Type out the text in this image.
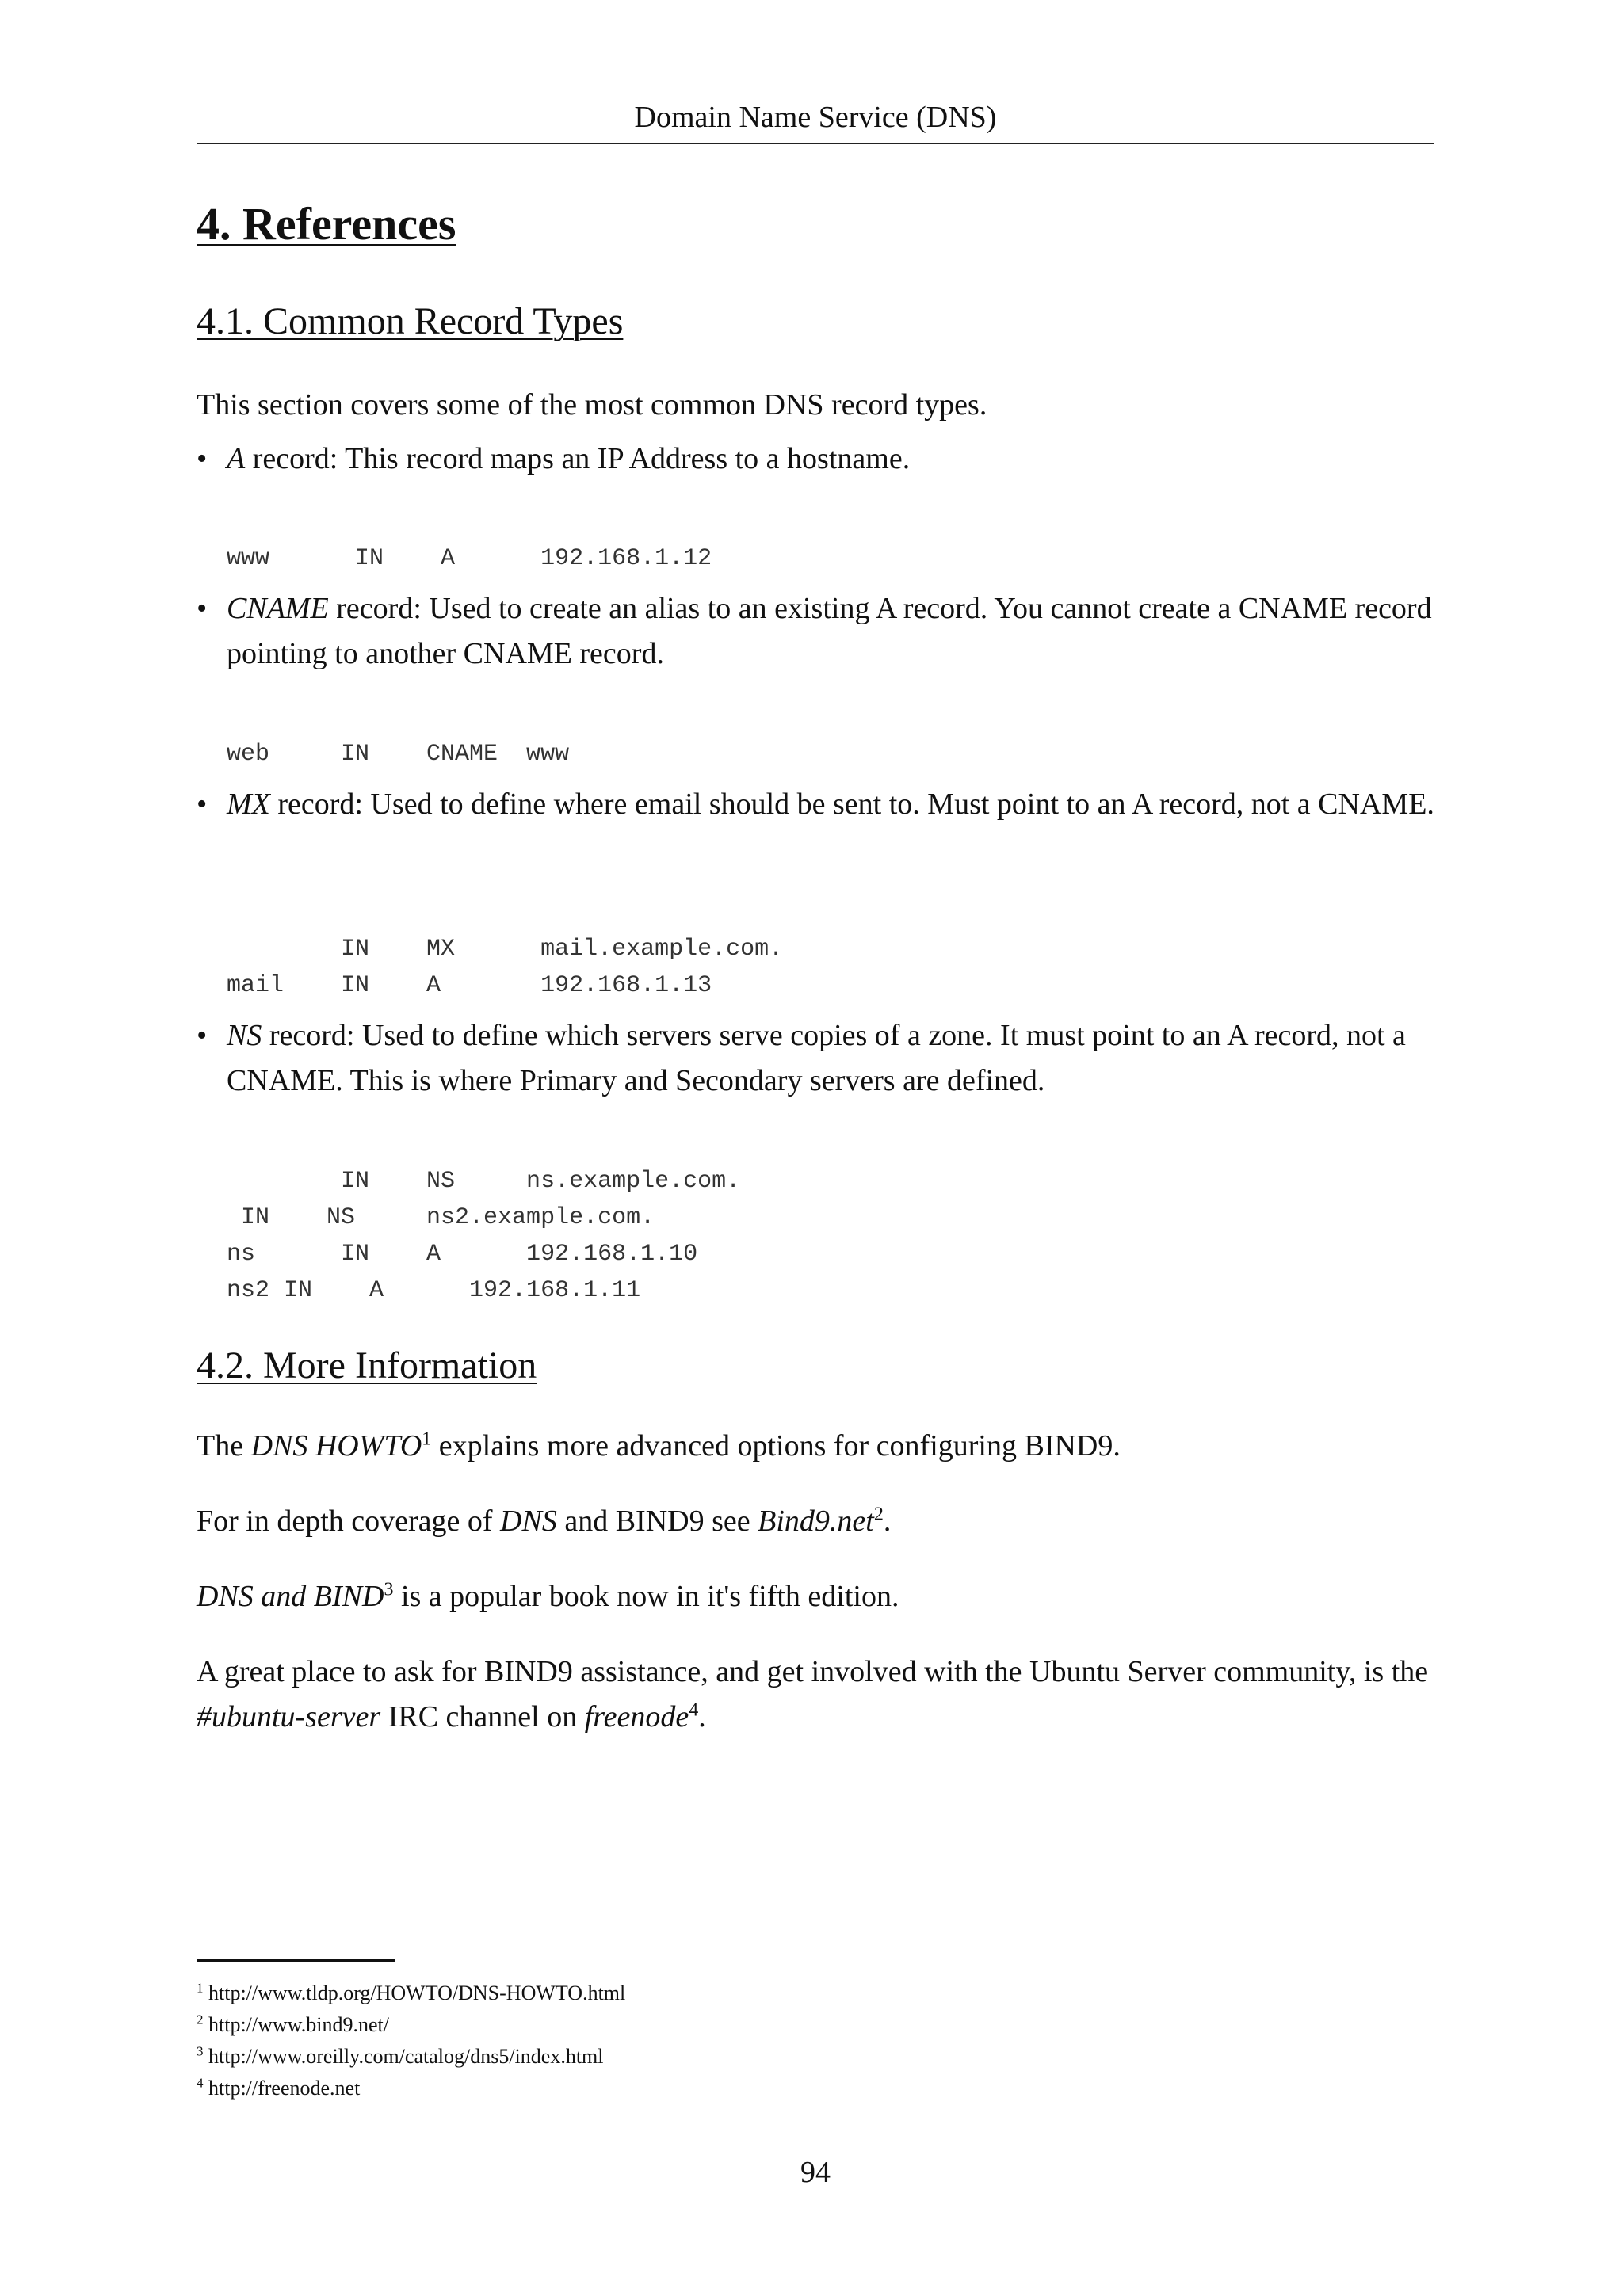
Domain Name Service (DNS)
4. References
4.1. Common Record Types

This section covers some of the most common DNS record types.

• A record: This record maps an IP Address to a hostname.
www      IN    A      192.168.1.12
• CNAME record: Used to create an alias to an existing A record. You cannot create a CNAME record pointing to another CNAME record.
web     IN    CNAME  www
• MX record: Used to define where email should be sent to. Must point to an A record, not a CNAME.
IN    MX      mail.example.com.
mail    IN    A       192.168.1.13
• NS record: Used to define which servers serve copies of a zone. It must point to an A record, not a CNAME. This is where Primary and Secondary servers are defined.
IN    NS     ns.example.com.
IN    NS     ns2.example.com.
ns      IN    A      192.168.1.10
ns2 IN    A      192.168.1.11
4.2. More Information

The DNS HOWTO$^1$ explains more advanced options for configuring BIND9.

For in depth coverage of DNS and BIND9 see Bind9.net$^2$.

DNS and BIND$^3$ is a popular book now in it's fifth edition.

A great place to ask for BIND9 assistance, and get involved with the Ubuntu Server community, is the #ubuntu-server IRC channel on freenode$^4$.

$^1$ http://www.tldp.org/HOWTO/DNS-HOWTO.html
$^2$ http://www.bind9.net/
$^3$ http://www.oreilly.com/catalog/dns5/index.html
$^4$ http://freenode.net
94
